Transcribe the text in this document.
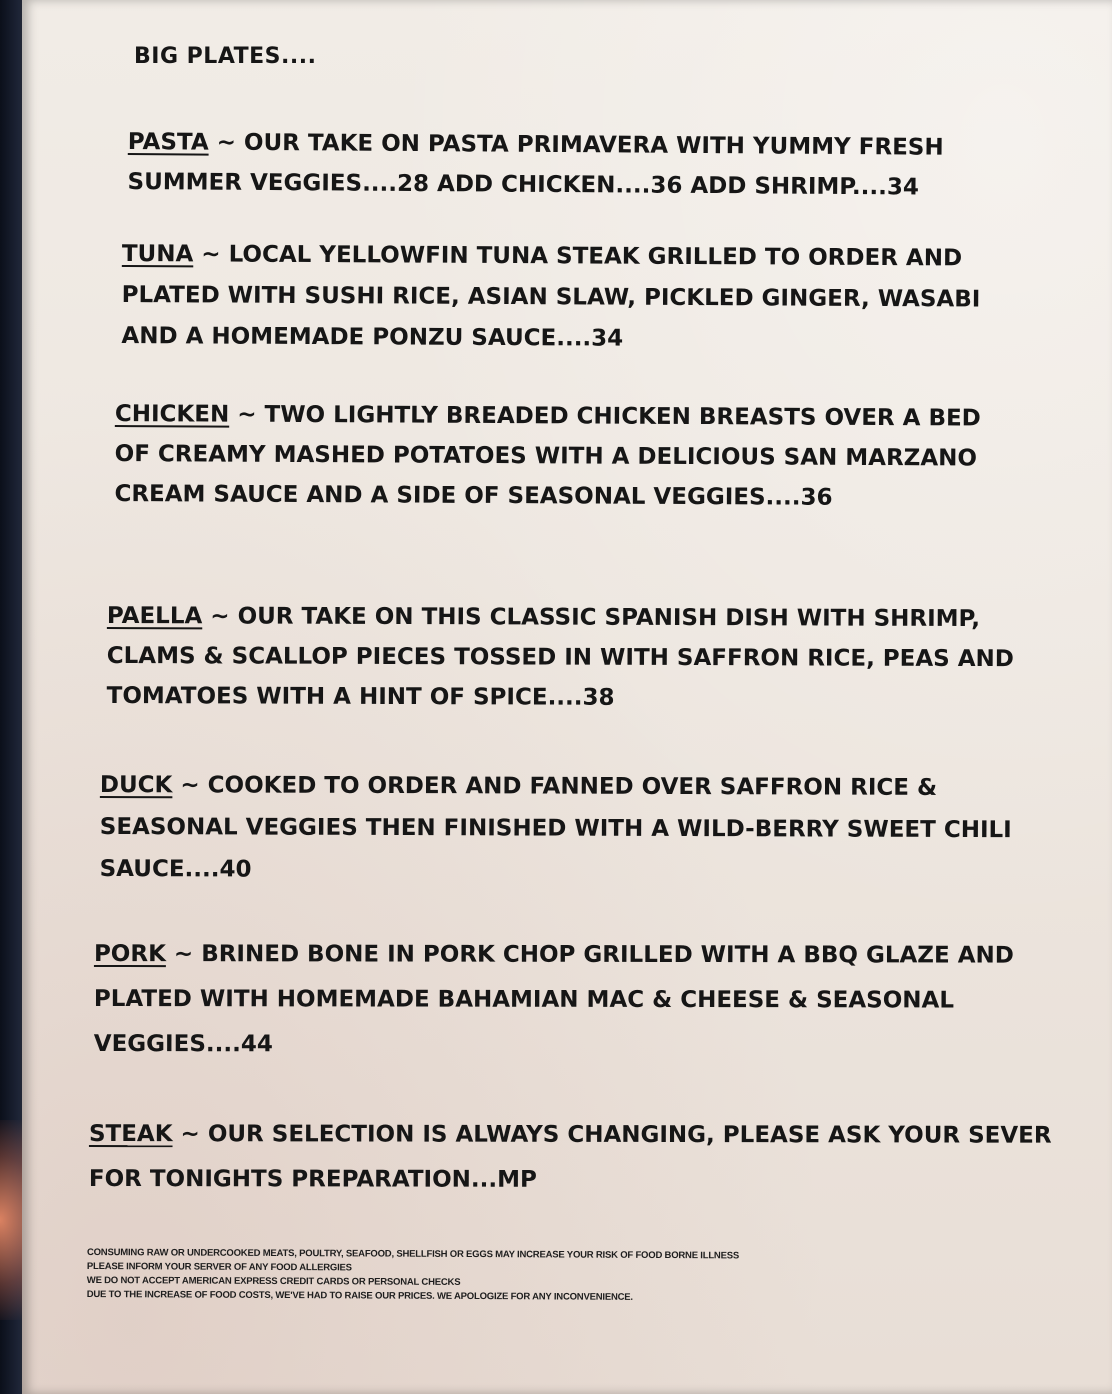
BIG PLATES....
PASTA ~ OUR TAKE ON PASTA PRIMAVERA WITH YUMMY FRESH SUMMER VEGGIES....28 ADD CHICKEN....36 ADD SHRIMP....34
TUNA ~ LOCAL YELLOWFIN TUNA STEAK GRILLED TO ORDER AND PLATED WITH SUSHI RICE, ASIAN SLAW, PICKLED GINGER, WASABI AND A HOMEMADE PONZU SAUCE....34
CHICKEN ~ TWO LIGHTLY BREADED CHICKEN BREASTS OVER A BED OF CREAMY MASHED POTATOES WITH A DELICIOUS SAN MARZANO CREAM SAUCE AND A SIDE OF SEASONAL VEGGIES....36
PAELLA ~ OUR TAKE ON THIS CLASSIC SPANISH DISH WITH SHRIMP, CLAMS & SCALLOP PIECES TOSSED IN WITH SAFFRON RICE, PEAS AND TOMATOES WITH A HINT OF SPICE....38
DUCK ~ COOKED TO ORDER AND FANNED OVER SAFFRON RICE & SEASONAL VEGGIES THEN FINISHED WITH A WILD-BERRY SWEET CHILI SAUCE....40
PORK ~ BRINED BONE IN PORK CHOP GRILLED WITH A BBQ GLAZE AND PLATED WITH HOMEMADE BAHAMIAN MAC & CHEESE & SEASONAL VEGGIES....44
STEAK ~ OUR SELECTION IS ALWAYS CHANGING, PLEASE ASK YOUR SEVER FOR TONIGHTS PREPARATION...MP
CONSUMING RAW OR UNDERCOOKED MEATS, POULTRY, SEAFOOD, SHELLFISH OR EGGS MAY INCREASE YOUR RISK OF FOOD BORNE ILLNESS
PLEASE INFORM YOUR SERVER OF ANY FOOD ALLERGIES
WE DO NOT ACCEPT AMERICAN EXPRESS CREDIT CARDS OR PERSONAL CHECKS
DUE TO THE INCREASE OF FOOD COSTS, WE'VE HAD TO RAISE OUR PRICES. WE APOLOGIZE FOR ANY INCONVENIENCE.
